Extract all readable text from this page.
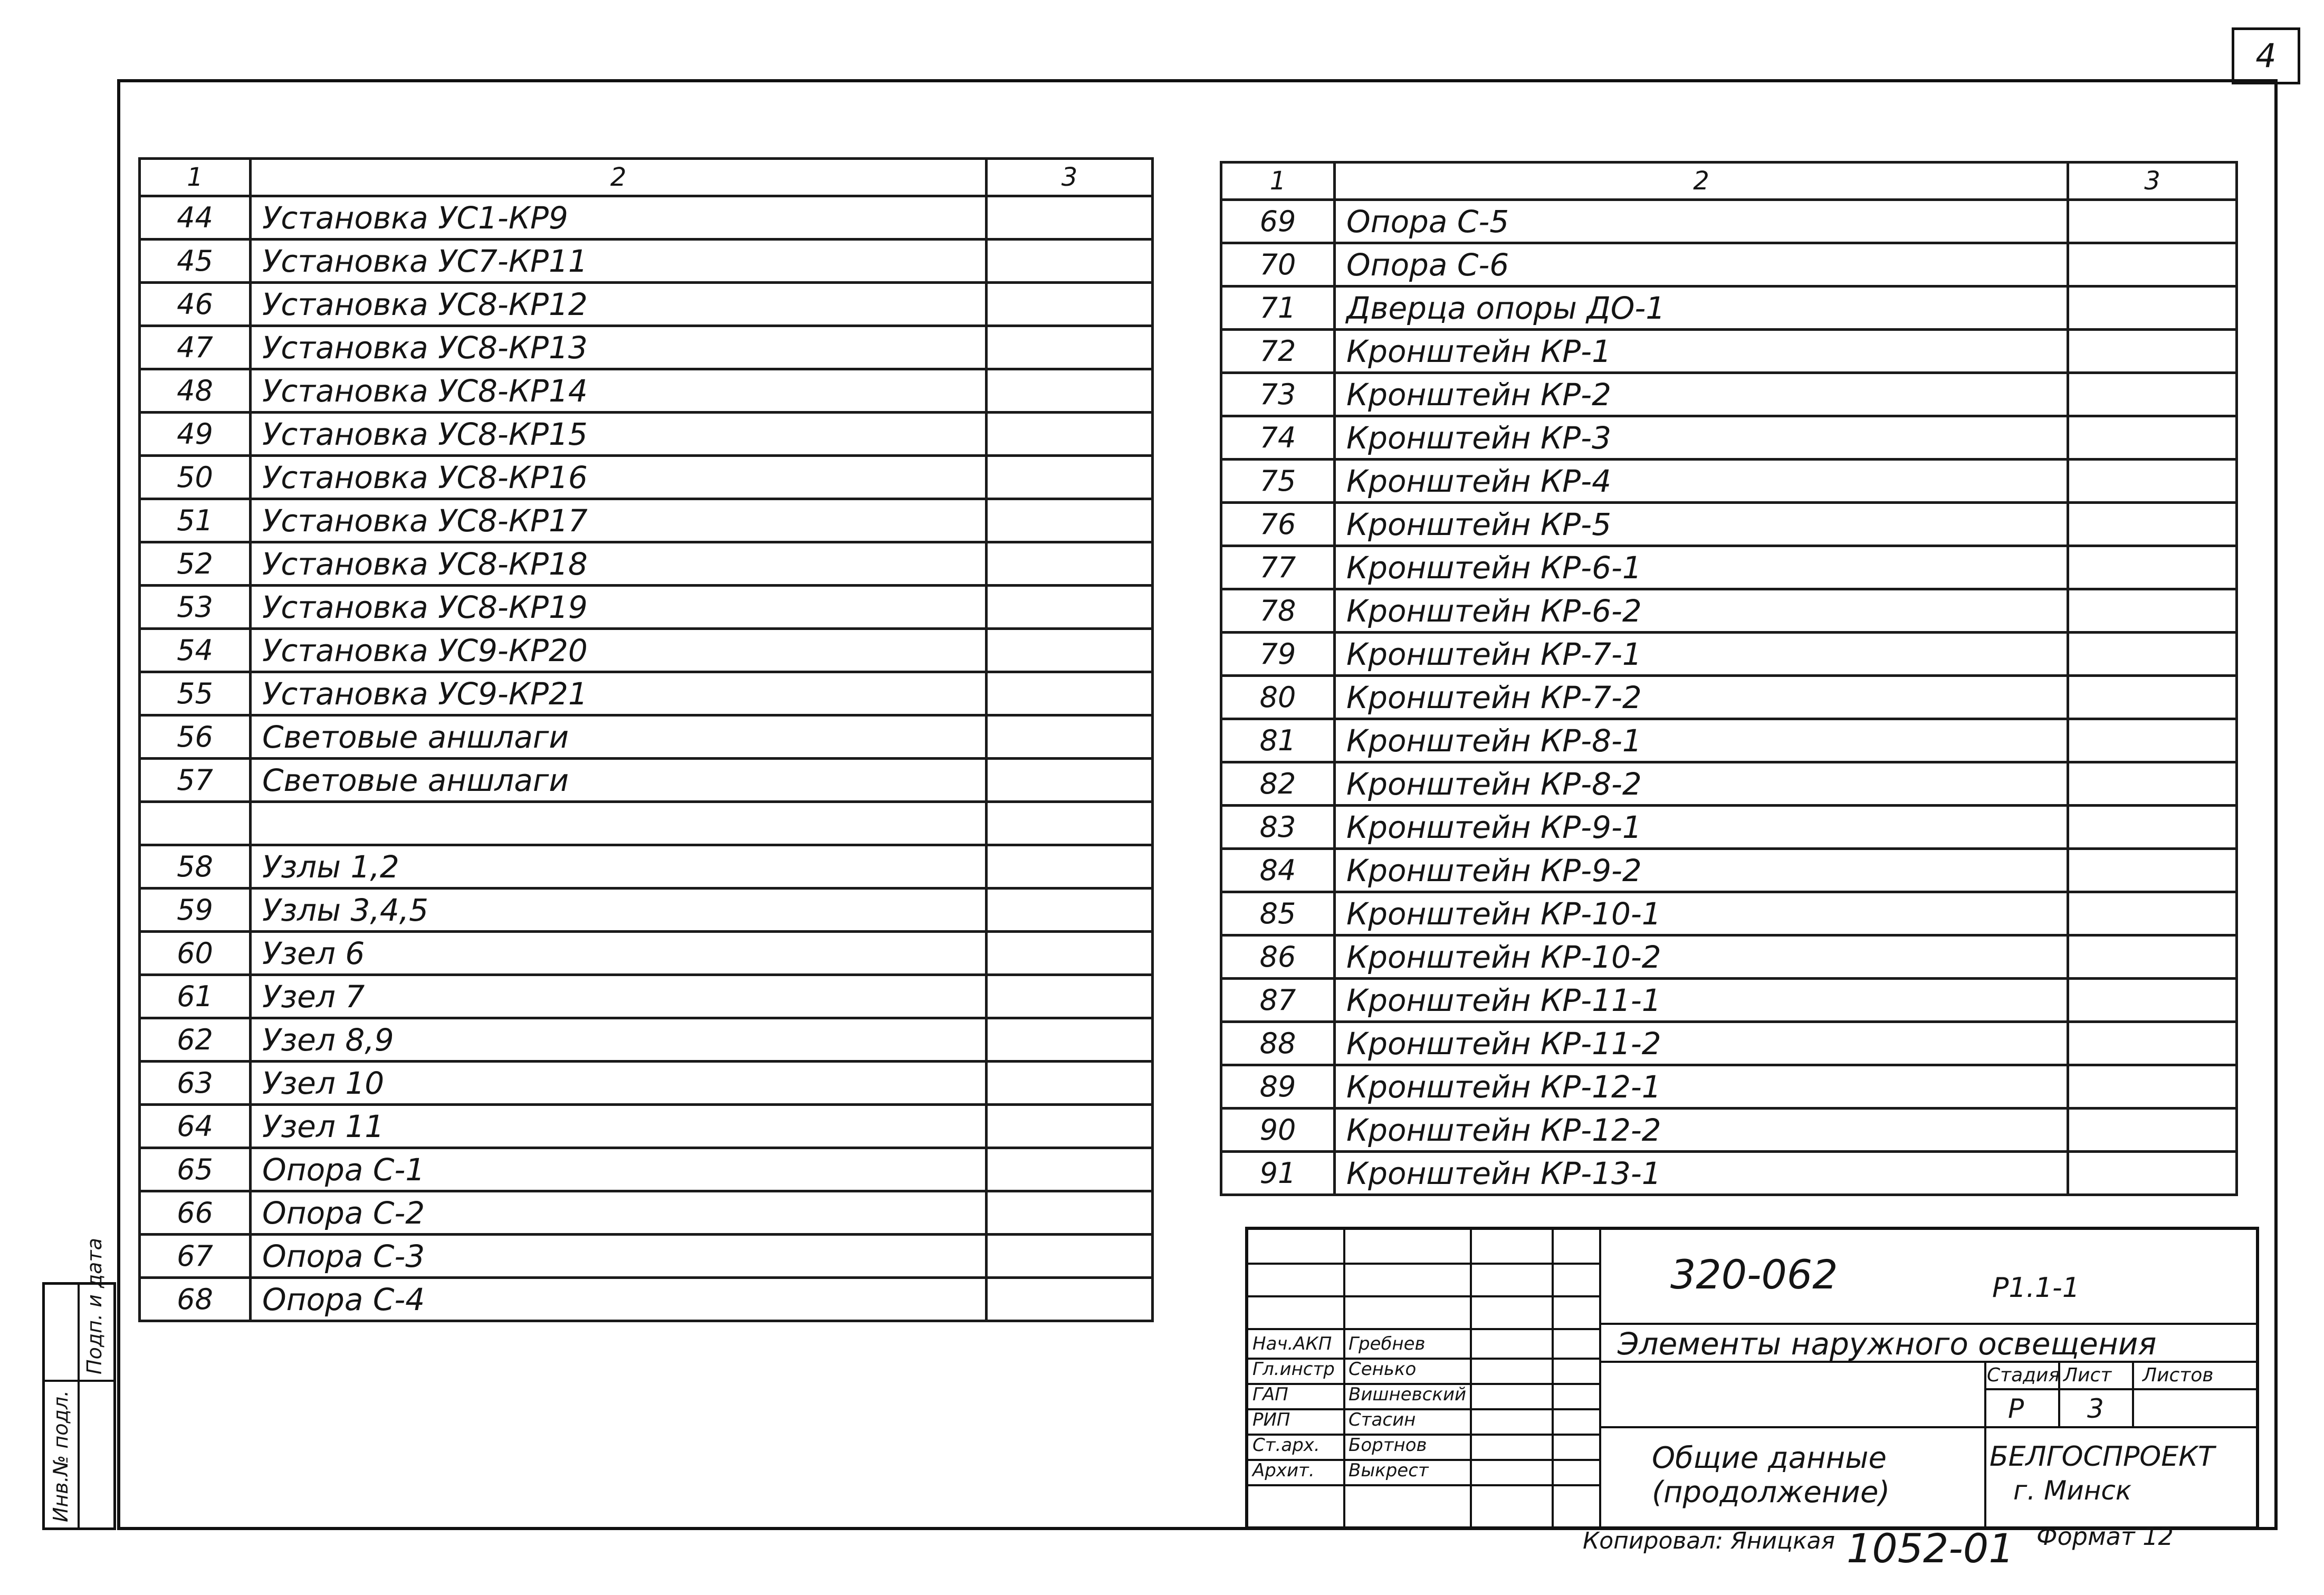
4
Инв.№ подл.
Подп. и дата
1	2	3
44	Установка УС1-КР9	
45	Установка УС7-КР11	
46	Установка УС8-КР12	
47	Установка УС8-КР13	
48	Установка УС8-КР14	
49	Установка УС8-КР15	
50	Установка УС8-КР16	
51	Установка УС8-КР17	
52	Установка УС8-КР18	
53	Установка УС8-КР19	
54	Установка УС9-КР20	
55	Установка УС9-КР21	
56	Световые аншлаги	
57	Световые аншлаги	

58	Узлы 1,2	
59	Узлы 3,4,5	
60	Узел 6	
61	Узел 7	
62	Узел 8,9	
63	Узел 10	
64	Узел 11	
65	Опора С-1	
66	Опора С-2	
67	Опора С-3	
68	Опора С-4	
1	2	3
69	Опора С-5	
70	Опора С-6	
71	Дверца опоры ДО-1	
72	Кронштейн КР-1	
73	Кронштейн КР-2	
74	Кронштейн КР-3	
75	Кронштейн КР-4	
76	Кронштейн КР-5	
77	Кронштейн КР-6-1	
78	Кронштейн КР-6-2	
79	Кронштейн КР-7-1	
80	Кронштейн КР-7-2	
81	Кронштейн КР-8-1	
82	Кронштейн КР-8-2	
83	Кронштейн КР-9-1	
84	Кронштейн КР-9-2	
85	Кронштейн КР-10-1	
86	Кронштейн КР-10-2	
87	Кронштейн КР-11-1	
88	Кронштейн КР-11-2	
89	Кронштейн КР-12-1	
90	Кронштейн КР-12-2	
91	Кронштейн КР-13-1	
320-062	Р1.1-1
Элементы наружного освещения
Стадия Лист Листов
Р 3
Общие данные
(продолжение)
БЕЛГОСПРОЕКТ
г. Минск
Нач.АКП Гребнев
Гл.инстр Сенько
ГАП	Вишневский
РИП	Стасин
Ст.арх. Бортнов
Архит. Выкрест
Копировал: Яницкая 1052-01 Формат 12
